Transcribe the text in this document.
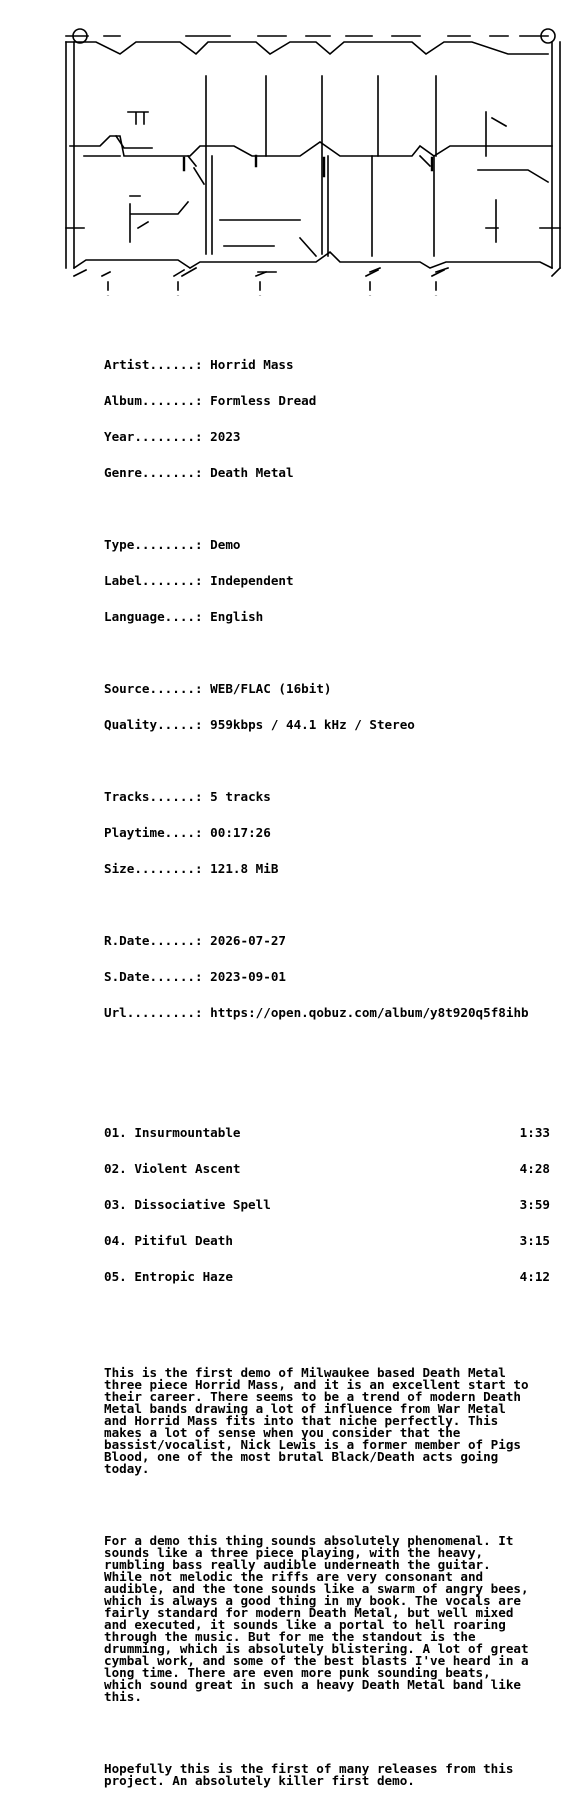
Artist......: Horrid Mass

Album.......: Formless Dread

Year........: 2023

Genre.......: Death Metal

Type........: Demo

Label.......: Independent

Language....: English

Source......: WEB/FLAC (16bit)

Quality.....: 959kbps / 44.1 kHz / Stereo

Tracks......: 5 tracks

Playtime....: 00:17:26

Size........: 121.8 MiB

R.Date......: 2026-07-27

S.Date......: 2023-09-01

Url.........: https://open.qobuz.com/album/y8t920q5f8ihb

01. Insurmountable	1:33

02. Violent Ascent	4:28

03. Dissociative Spell	3:59

04. Pitiful Death	3:15

05. Entropic Haze	4:12

This is the first demo of Milwaukee based Death Metal
three piece Horrid Mass, and it is an excellent start to
their career. There seems to be a trend of modern Death
Metal bands drawing a lot of influence from War Metal
and Horrid Mass fits into that niche perfectly. This
makes a lot of sense when you consider that the
bassist/vocalist, Nick Lewis is a former member of Pigs
Blood, one of the most brutal Black/Death acts going
today.

For a demo this thing sounds absolutely phenomenal. It
sounds like a three piece playing, with the heavy,
rumbling bass really audible underneath the guitar.
While not melodic the riffs are very consonant and
audible, and the tone sounds like a swarm of angry bees,
which is always a good thing in my book. The vocals are
fairly standard for modern Death Metal, but well mixed
and executed, it sounds like a portal to hell roaring
through the music. But for me the standout is the
drumming, which is absolutely blistering. A lot of great
cymbal work, and some of the best blasts I've heard in a
long time. There are even more punk sounding beats,
which sound great in such a heavy Death Metal band like
this.

Hopefully this is the first of many releases from this
project. An absolutely killer first demo.
